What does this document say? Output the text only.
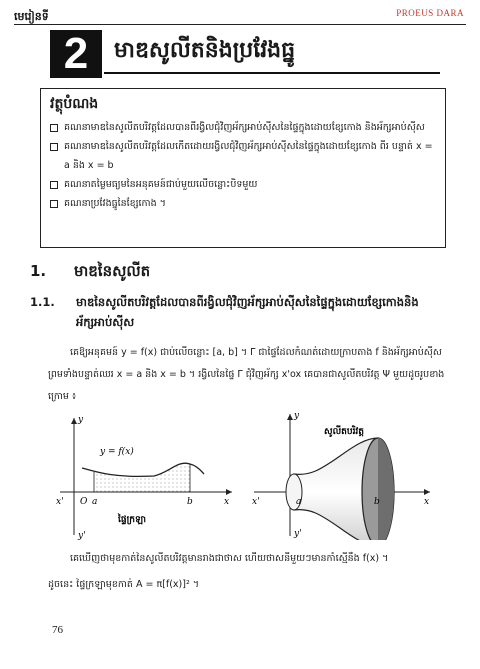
PROEUS DARA
មេរៀនទី
2	មាឌសូលីតនិងប្រវែងធ្នូ
វត្ថុបំណង
គណនាមាឌនៃសូលីតបរិវត្តដែលបានពីរង្វិលជុំវិញអ័ក្សអាប់ស៊ីសនៃផ្ទៃក្នុងដោយខ្សែកោង និងអ័ក្សអាប់ស៊ីស
គណនាមាឌនៃសូលីតបរិវត្តដែលកើតដោយរង្វិលជុំវិញអ័ក្សអាប់ស៊ីសនៃផ្ទៃក្នុងដោយខ្សែកោង ពីរ បន្ទាត់ x = a និង x = b
គណនាតម្លៃមធ្យមនៃអនុគមន៍ជាប់មួយលើចន្លោះបិទមួយ
គណនាប្រវែងធ្នូនៃខ្សែកោង ។
1. មាឌនៃសូលីត
1.1.	មាឌនៃសូលីតបរិវត្តដែលបានពីរង្វិលជុំវិញអ័ក្សអាប់ស៊ីសនៃផ្ទៃក្នុងដោយខ្សែកោងនិង អ័ក្សអាប់ស៊ីស
គេឱ្យអនុគមន៍ y = f(x) ជាប់លើចន្លោះ [a, b] ។ Γ ជាផ្ទៃដែលកំណត់ដោយក្រាបតាង f និងអ័ក្សអាប់ស៊ីសព្រមទាំងបន្ទាត់ឈរ x = a និង x = b ។ រង្វិលនៃផ្ទៃ Γ ជុំវិញអ័ក្ស x'ox គេបានជាសូលីតបរិវត្ត Ψ មួយដូចរូបខាងក្រោម ៖
y
y'
x
x' O a	b
y = f(x)
ផ្ទៃក្រឡា
y
y'
x
x'	a	b
សូលីតបរិវត្ត
គេឃើញថាមុខកាត់នៃសូលីតបរិវត្តមានរាងជាថាស ហើយថាសនីមួយៗមានកាំស្មើនឹង f(x) ។
ដូចនេះ ផ្ទៃក្រឡាមុខកាត់ A = π[f(x)]² ។
76
